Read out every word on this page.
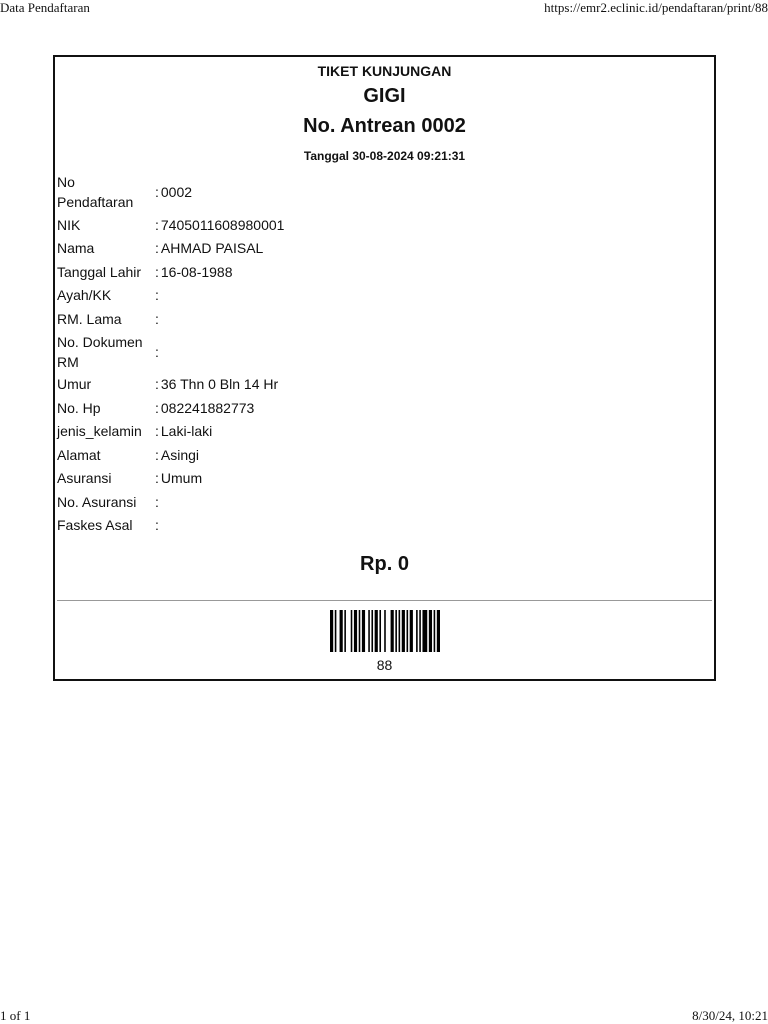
Data Pendaftaran	https://emr2.eclinic.id/pendaftaran/print/88
TIKET KUNJUNGAN
GIGI
No. Antrean 0002
Tanggal 30-08-2024 09:21:31
No Pendaftaran	: 0002
NIK	: 7405011608980001
Nama	: AHMAD PAISAL
Tanggal Lahir	: 16-08-1988
Ayah/KK	:
RM. Lama	:
No. Dokumen RM	:
Umur	: 36 Thn 0 Bln 14 Hr
No. Hp	: 082241882773
jenis_kelamin	: Laki-laki
Alamat	: Asingi
Asuransi	: Umum
No. Asuransi	:
Faskes Asal	:
Rp. 0
88
1 of 1	8/30/24, 10:21
